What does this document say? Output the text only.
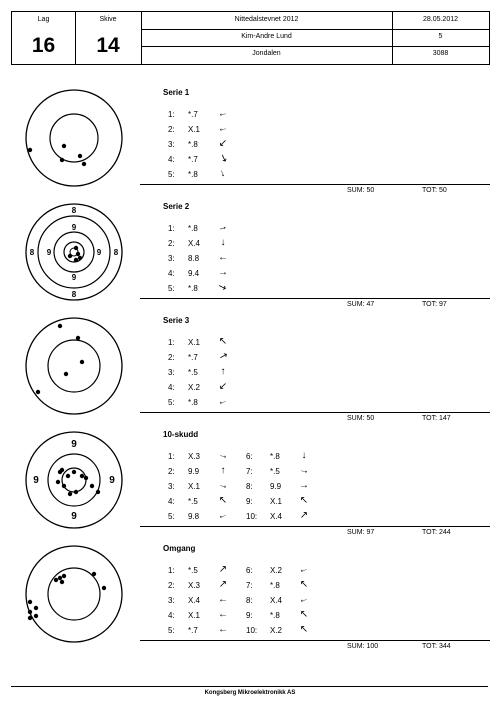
Lag
16
Skive
14
Nittedalstevnet 2012	28.05.2012
Kim-Andre Lund	5
Jondalen	3088
Serie 1
1: *.7 ←
2: X.1 ←
3: *.8 ↙
4: *.7 ↘
5: *.8 ↓
SUM: 50	TOT: 50
Serie 2
1: *.8 →
2: X.4	↓
3: 8.8 ←
4: 9.4 →
5: *.8 ↘
SUM: 47	TOT: 97
8
8
8	8
9
9
9	9
Serie 3
1: X.1 ↖
2: *.7 ↗
3: *.5	↑
4: X.2 ↙
5: *.8 ←
SUM: 50	TOT: 147
10-skudd
1: X.3 → 6: *.8	↓
2: 9.9	↑	7: *.5 →
3: X.1 → 8: 9.9 →
4: *.5 ↖ 9: X.1 ↖
5: 9.8 ← 10: X.4 ↗
SUM: 97	TOT: 244
9
9
9	9
Omgang
1: *.5 ↗ 6: X.2 ←
2: X.3 ↗ 7: *.8 ↖
3: X.4 ← 8: X.4 ←
4: X.1 ← 9: *.8 ↖
5: *.7 ← 10: X.2 ↖
SUM: 100	TOT: 344
Kongsberg Mikroelektronikk AS
